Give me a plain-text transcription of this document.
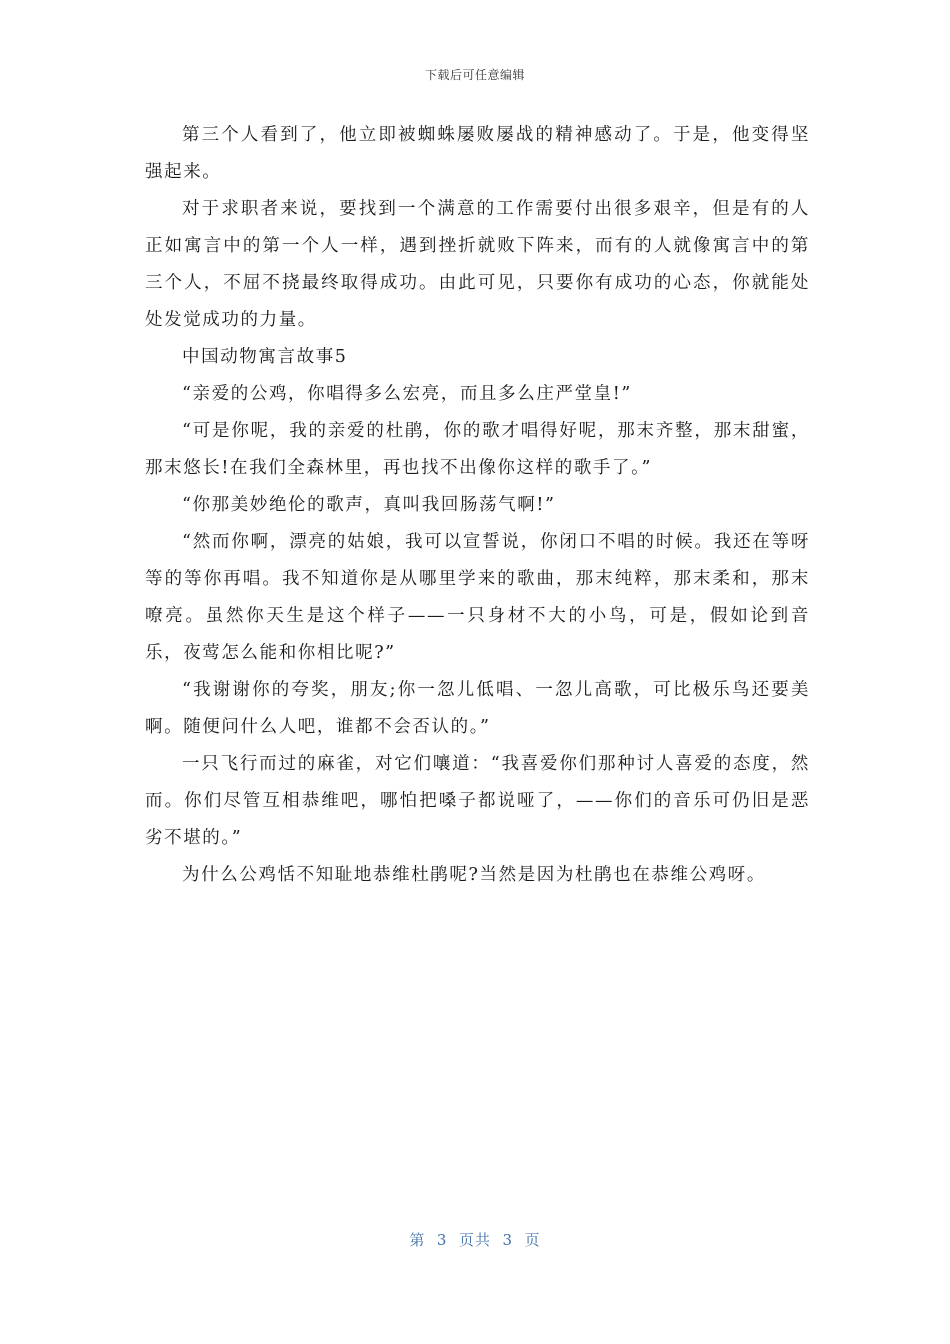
下载后可任意编辑

第三个人看到了，他立即被蜘蛛屡败屡战的精神感动了。于是，他变得坚强起来。

对于求职者来说，要找到一个满意的工作需要付出很多艰辛，但是有的人正如寓言中的第一个人一样，遇到挫折就败下阵来，而有的人就像寓言中的第三个人，不屈不挠最终取得成功。由此可见，只要你有成功的心态，你就能处处发觉成功的力量。

中国动物寓言故事5

“亲爱的公鸡，你唱得多么宏亮，而且多么庄严堂皇!”

“可是你呢，我的亲爱的杜鹃，你的歌才唱得好呢，那末齐整，那末甜蜜，那末悠长!在我们全森林里，再也找不出像你这样的歌手了。”

“你那美妙绝伦的歌声，真叫我回肠荡气啊!”

“然而你啊，漂亮的姑娘，我可以宣誓说，你闭口不唱的时候。我还在等呀等的等你再唱。我不知道你是从哪里学来的歌曲，那末纯粹，那末柔和，那末嘹亮。虽然你天生是这个样子——一只身材不大的小鸟，可是，假如论到音乐，夜莺怎么能和你相比呢?”

“我谢谢你的夸奖，朋友;你一忽儿低唱、一忽儿高歌，可比极乐鸟还要美啊。随便问什么人吧，谁都不会否认的。”

一只飞行而过的麻雀，对它们嚷道：“我喜爱你们那种讨人喜爱的态度，然而。你们尽管互相恭维吧，哪怕把嗓子都说哑了，——你们的音乐可仍旧是恶劣不堪的。”

为什么公鸡恬不知耻地恭维杜鹃呢?当然是因为杜鹃也在恭维公鸡呀。

第  3  页共  3  页
